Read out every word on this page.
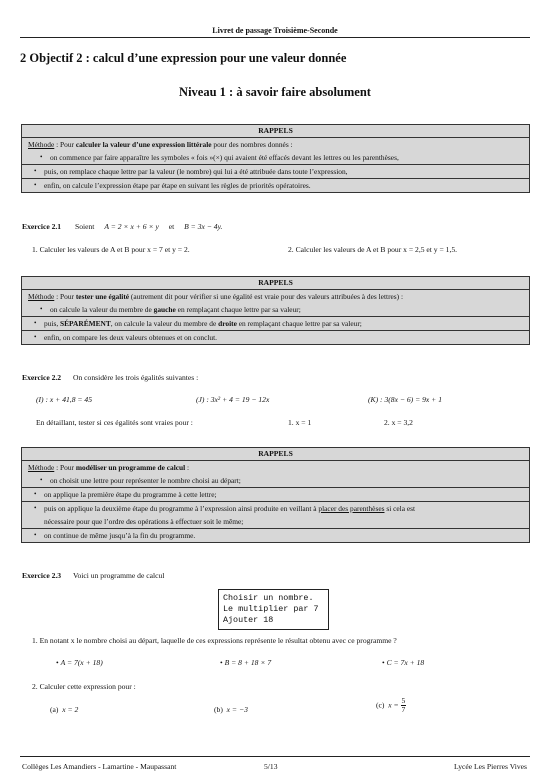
Livret de passage Troisième-Seconde
2 Objectif 2 : calcul d’une expression pour une valeur donnée
Niveau 1 : à savoir faire absolument
RAPPELS
Méthode : Pour calculer la valeur d’une expression littérale pour des nombres donnés :
• on commence par faire apparaître les symboles « fois »(×) qui avaient été effacés devant les lettres ou les parenthèses,
• puis, on remplace chaque lettre par la valeur (le nombre) qui lui a été attribuée dans toute l’expression,
• enfin, on calcule l’expression étape par étape en suivant les règles de priorités opératoires.
Exercice 2.1 Soient A = 2 × x + 6 × y et B = 3x − 4y.
1. Calculer les valeurs de A et B pour x = 7 et y = 2.	2. Calculer les valeurs de A et B pour x = 2,5 et y = 1,5.
RAPPELS
Méthode : Pour tester une égalité (autrement dit pour vérifier si une égalité est vraie pour des valeurs attribuées à des lettres) :
• on calcule la valeur du membre de gauche en remplaçant chaque lettre par sa valeur;
• puis, SÉPARÉMENT, on calcule la valeur du membre de droite en remplaçant chaque lettre par sa valeur;
• enfin, on compare les deux valeurs obtenues et on conclut.
Exercice 2.2 On considère les trois égalités suivantes :
(I) : x + 41,8 = 45	(J) : 3x² + 4 = 19 − 12x	(K) : 3(8x − 6) = 9x + 1
En détaillant, tester si ces égalités sont vraies pour :	1. x = 1	2. x = 3,2
RAPPELS
Méthode : Pour modéliser un programme de calcul :
• on choisit une lettre pour représenter le nombre choisi au départ;
• on applique la première étape du programme à cette lettre;
• puis on applique la deuxième étape du programme à l’expression ainsi produite en veillant à placer des parenthèses si cela est
nécessaire pour que l’ordre des opérations à effectuer soit le même;
• on continue de même jusqu’à la fin du programme.
Exercice 2.3 Voici un programme de calcul
Choisir un nombre.
Le multiplier par 7
Ajouter 18
1. En notant x le nombre choisi au départ, laquelle de ces expressions représente le résultat obtenu avec ce programme ?
• A = 7(x + 18)	• B = 8 + 18 × 7	• C = 7x + 18
2. Calculer cette expression pour :
(a) x = 2	(b) x = −3
(c) $x = \frac{5}{7}$
Collèges Les Amandiers - Lamartine - Maupassant	5/13	Lycée Les Pierres Vives
